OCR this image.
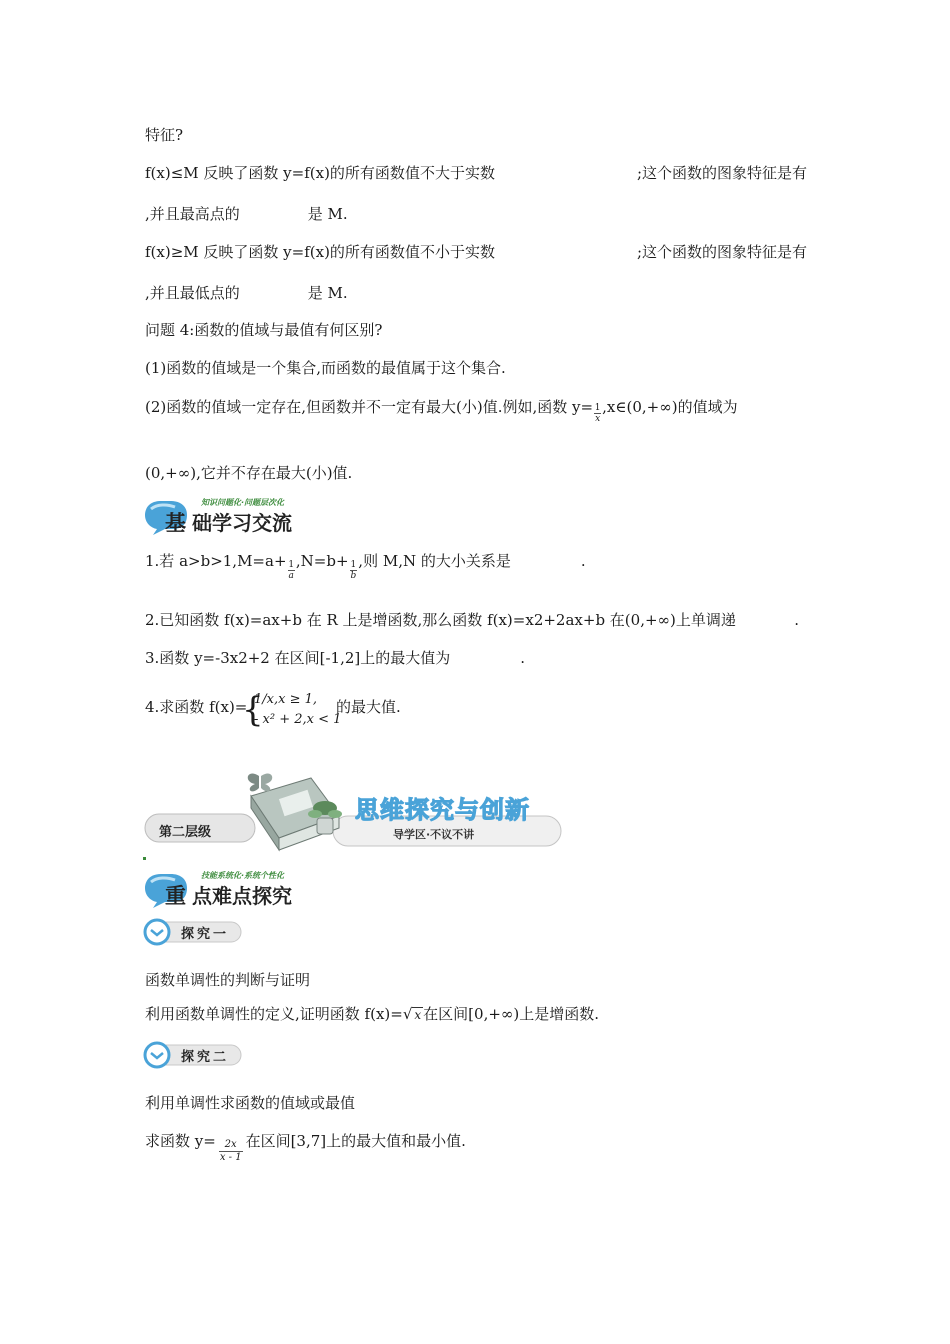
特征?
f(x)≤M 反映了函数 y=f(x)的所有函数值不大于实数	;这个函数的图象特征是有
,并且最高点的	是 M.
f(x)≥M 反映了函数 y=f(x)的所有函数值不小于实数	;这个函数的图象特征是有
,并且最低点的	是 M.
问题 4:函数的值域与最值有何区别?
(1)函数的值域是一个集合,而函数的最值属于这个集合.
(2)函数的值域一定存在,但函数并不一定有最大(小)值.例如,函数 $y= \frac{1}{x}$ ,x∈(0,+∞)的值域为
(0,+∞),它并不存在最大(小)值.
知识问题化·问题层次化
基 础学习交流
1.若 $a>b>1,M=a+ \frac{1}{a} ,N=b+ \frac{1}{b}$ ,则 M,N 的大小关系是	.
2.已知函数 f(x)=ax+b 在 R 上是增函数,那么函数 f(x)=x2+2ax+b 在(0,+∞)上单调递	.
3.函数 y=-3x2+2 在区间[-1,2]上的最大值为	.
4.求函数 f(x)=
{
1/x,x ≥ 1,
- x² + 2,x < 1
的最大值.
第二层级
思维探究与创新
导学区·不议不讲
技能系统化·系统个性化
重 点难点探究
探究一
函数单调性的判断与证明
利用函数单调性的定义,证明函数 f(x)=√ x 在区间[0,+∞)上是增函数.
探究二
利用单调性求函数的值域或最值
求函数 $y= \frac{2x}{x - 1}$ 在区间[3,7]上的最大值和最小值.
